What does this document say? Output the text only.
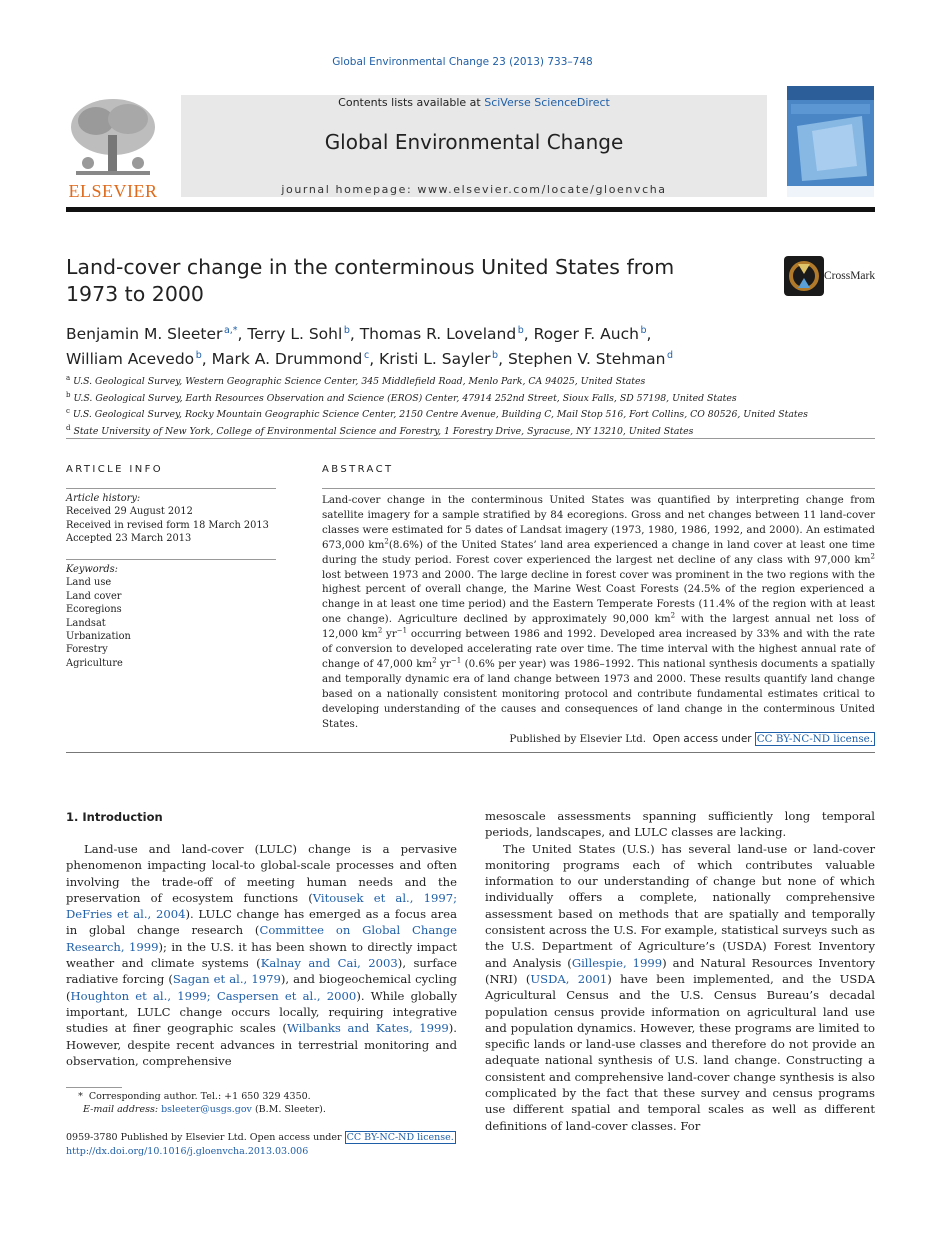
Global Environmental Change 23 (2013) 733–748
ELSEVIER
Contents lists available at SciVerse ScienceDirect
Global Environmental Change
journal homepage: www.elsevier.com/locate/gloenvcha
Land-cover change in the conterminous United States from 1973 to 2000
CrossMark
Benjamin M. Sleeter  $^{a,*}$, Terry L. Sohl  $^b$, Thomas R. Loveland  $^b$, Roger F. Auch  $^b$,
William Acevedo  $^b$, Mark A. Drummond  $^c$, Kristi L. Sayler  $^b$, Stephen V. Stehman  $^d$
$^a$ U.S. Geological Survey, Western Geographic Science Center, 345 Middlefield Road, Menlo Park, CA 94025, United States
$^b$ U.S. Geological Survey, Earth Resources Observation and Science (EROS) Center, 47914 252nd Street, Sioux Falls, SD 57198, United States
$^c$ U.S. Geological Survey, Rocky Mountain Geographic Science Center, 2150 Centre Avenue, Building C, Mail Stop 516, Fort Collins, CO 80526, United States
$^d$ State University of New York, College of Environmental Science and Forestry, 1 Forestry Drive, Syracuse, NY 13210, United States
ARTICLE INFO
Article history:
Received 29 August 2012
Received in revised form 18 March 2013
Accepted 23 March 2013
Keywords:
Land use
Land cover
Ecoregions
Landsat
Urbanization
Forestry
Agriculture
ABSTRACT
Land-cover change in the conterminous United States was quantified by interpreting change from satellite imagery for a sample stratified by 84 ecoregions. Gross and net changes between 11 land-cover classes were estimated for 5 dates of Landsat imagery (1973, 1980, 1986, 1992, and 2000). An estimated 673,000 $km^2(8.6\%)$ of the United States’ land area experienced a change in land cover at least one time during the study period. Forest cover experienced the largest net decline of any class with 97,000 $km^2$ lost between 1973 and 2000. The large decline in forest cover was prominent in the two regions with the highest percent of overall change, the Marine West Coast Forests (24.5% of the region experienced a change in at least one time period) and the Eastern Temperate Forests (11.4% of the region with at least one change). Agriculture declined by approximately 90,000 $km^2$ with the largest annual net loss of 12,000 $km^2$ $yr^{-1}$ occurring between 1986 and 1992. Developed area increased by 33% and with the rate of conversion to developed accelerating rate over time. The time interval with the highest annual rate of change of 47,000 $km^2$ $yr^{-1}$ (0.6% per year) was 1986–1992. This national synthesis documents a spatially and temporally dynamic era of land change between 1973 and 2000. These results quantify land change based on a nationally consistent monitoring protocol and contribute fundamental estimates critical to developing understanding of the causes and consequences of land change in the conterminous United States.
Published by Elsevier Ltd. Open access under CC BY-NC-ND license.
1. Introduction

Land-use and land-cover (LULC) change is a pervasive phenomenon impacting local-to global-scale processes and often involving the trade-off of meeting human needs and the preservation of ecosystem functions (Vitousek et al., 1997; DeFries et al., 2004). LULC change has emerged as a focus area in global change research (Committee on Global Change Research, 1999); in the U.S. it has been shown to directly impact weather and climate systems (Kalnay and Cai, 2003), surface radiative forcing (Sagan et al., 1979), and biogeochemical cycling (Houghton et al., 1999; Caspersen et al., 2000). While globally important, LULC change occurs locally, requiring integrative studies at finer geographic scales (Wilbanks and Kates, 1999). However, despite recent advances in terrestrial monitoring and observation, comprehensive

mesoscale assessments spanning sufficiently long temporal periods, landscapes, and LULC classes are lacking.

The United States (U.S.) has several land-use or land-cover monitoring programs each of which contributes valuable information to our understanding of change but none of which individually offers a complete, nationally comprehensive assessment based on methods that are spatially and temporally consistent across the U.S. For example, statistical surveys such as the U.S. Department of Agriculture’s (USDA) Forest Inventory and Analysis (Gillespie, 1999) and Natural Resources Inventory (NRI) (USDA, 2001) have been implemented, and the USDA Agricultural Census and the U.S. Census Bureau’s decadal population census provide information on agricultural land use and population dynamics. However, these programs are limited to specific lands or land-use classes and therefore do not provide an adequate national synthesis of U.S. land change. Constructing a consistent and comprehensive land-cover change synthesis is also complicated by the fact that these survey and census programs use different spatial and temporal scales as well as different definitions of land-cover classes. For

*  Corresponding author. Tel.: +1 650 329 4350.
E-mail address: bsleeter@usgs.gov (B.M. Sleeter).
0959-3780 Published by Elsevier Ltd. Open access under CC BY-NC-ND license.
http://dx.doi.org/10.1016/j.gloenvcha.2013.03.006
